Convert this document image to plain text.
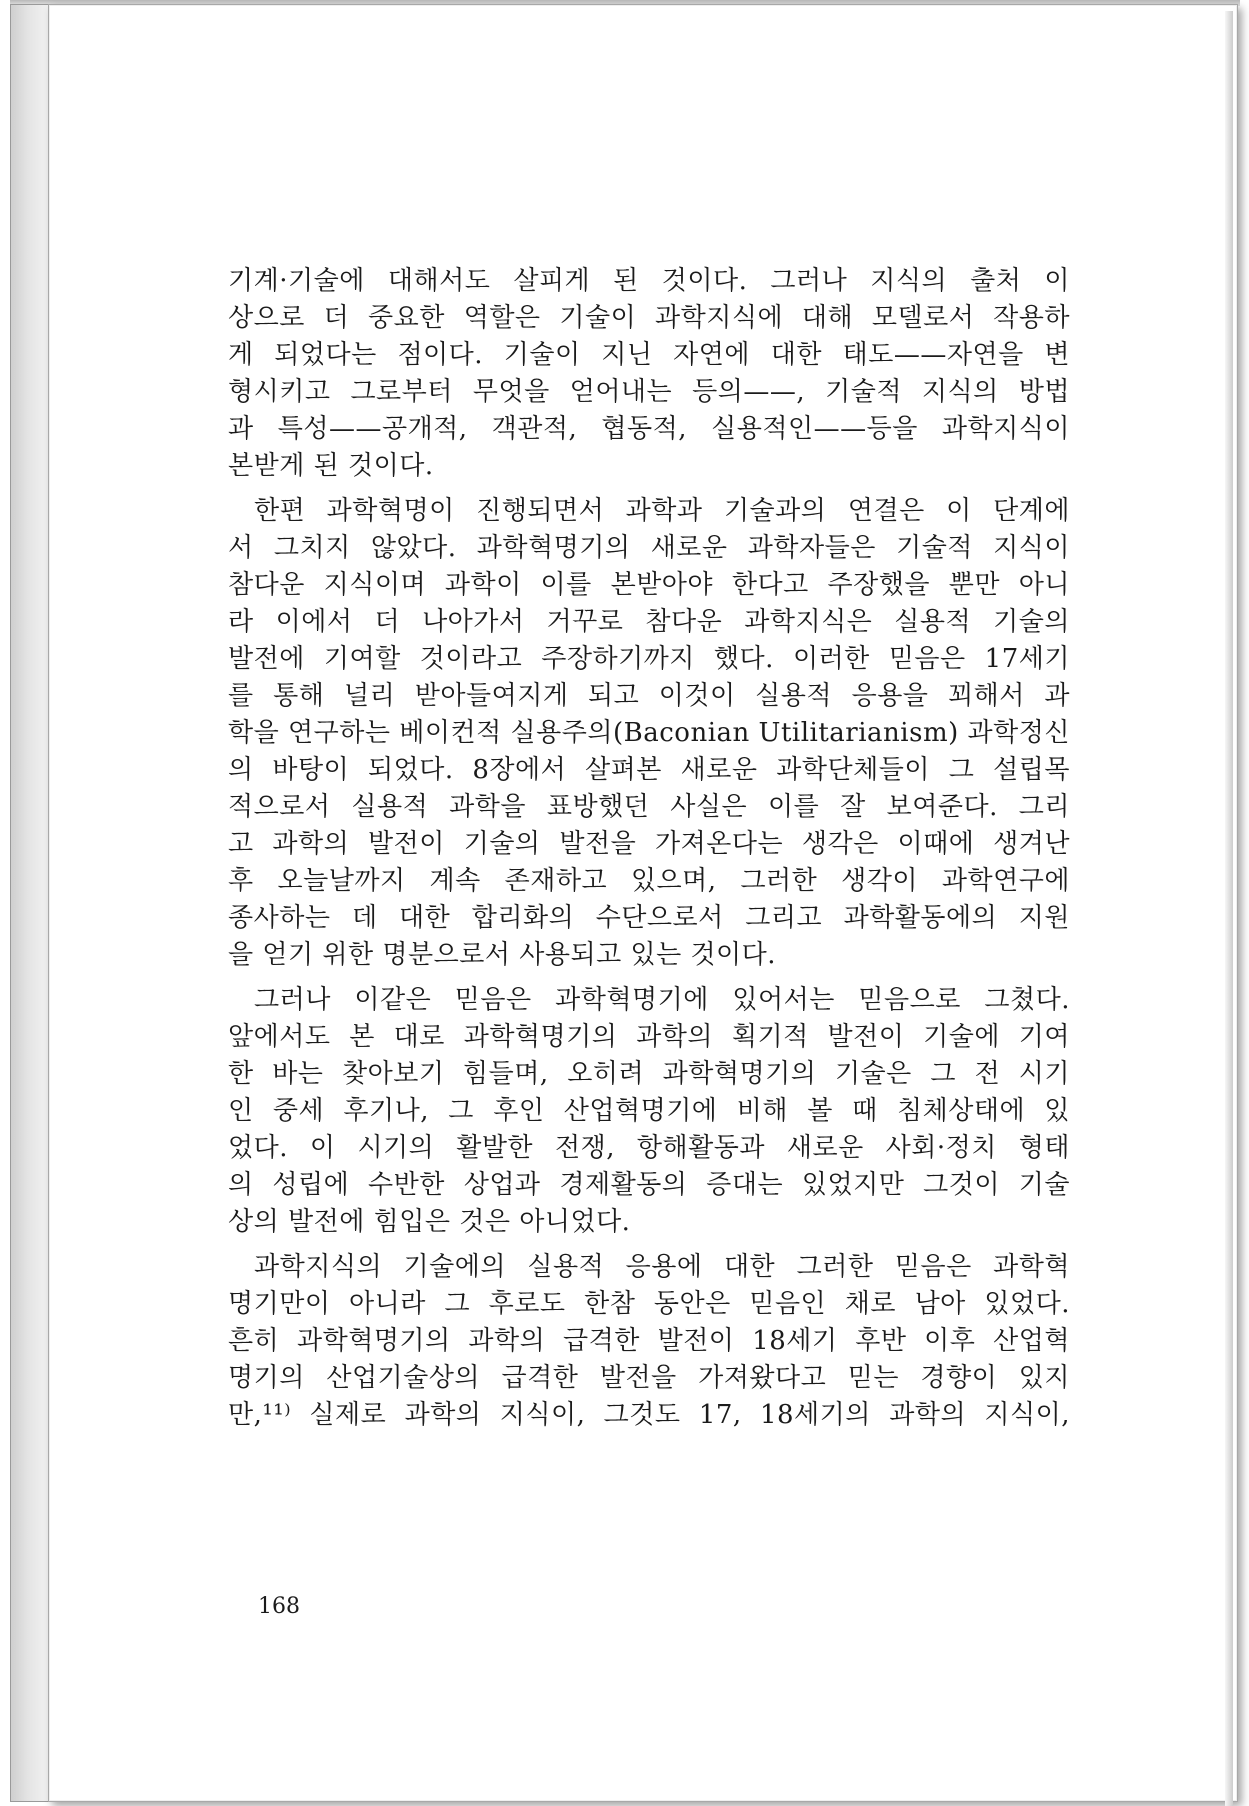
기계·기술에 대해서도 살피게 된 것이다. 그러나 지식의 출처 이
상으로 더 중요한 역할은 기술이 과학지식에 대해 모델로서 작용하
게 되었다는 점이다. 기술이 지닌 자연에 대한 태도——자연을 변
형시키고 그로부터 무엇을 얻어내는 등의——, 기술적 지식의 방법
과 특성——공개적, 객관적, 협동적, 실용적인——등을 과학지식이
본받게 된 것이다.
한편 과학혁명이 진행되면서 과학과 기술과의 연결은 이 단계에
서 그치지 않았다. 과학혁명기의 새로운 과학자들은 기술적 지식이
참다운 지식이며 과학이 이를 본받아야 한다고 주장했을 뿐만 아니
라 이에서 더 나아가서 거꾸로 참다운 과학지식은 실용적 기술의
발전에 기여할 것이라고 주장하기까지 했다. 이러한 믿음은 17세기
를 통해 널리 받아들여지게 되고 이것이 실용적 응용을 꾀해서 과
학을 연구하는 베이컨적 실용주의(Baconian Utilitarianism) 과학정신
의 바탕이 되었다. 8장에서 살펴본 새로운 과학단체들이 그 설립목
적으로서 실용적 과학을 표방했던 사실은 이를 잘 보여준다. 그리
고 과학의 발전이 기술의 발전을 가져온다는 생각은 이때에 생겨난
후 오늘날까지 계속 존재하고 있으며, 그러한 생각이 과학연구에
종사하는 데 대한 합리화의 수단으로서 그리고 과학활동에의 지원
을 얻기 위한 명분으로서 사용되고 있는 것이다.
그러나 이같은 믿음은 과학혁명기에 있어서는 믿음으로 그쳤다.
앞에서도 본 대로 과학혁명기의 과학의 획기적 발전이 기술에 기여
한 바는 찾아보기 힘들며, 오히려 과학혁명기의 기술은 그 전 시기
인 중세 후기나, 그 후인 산업혁명기에 비해 볼 때 침체상태에 있
었다. 이 시기의 활발한 전쟁, 항해활동과 새로운 사회·정치 형태
의 성립에 수반한 상업과 경제활동의 증대는 있었지만 그것이 기술
상의 발전에 힘입은 것은 아니었다.
과학지식의 기술에의 실용적 응용에 대한 그러한 믿음은 과학혁
명기만이 아니라 그 후로도 한참 동안은 믿음인 채로 남아 있었다.
흔히 과학혁명기의 과학의 급격한 발전이 18세기 후반 이후 산업혁
명기의 산업기술상의 급격한 발전을 가져왔다고 믿는 경향이 있지
만,¹¹⁾ 실제로 과학의 지식이, 그것도 17, 18세기의 과학의 지식이,
168
